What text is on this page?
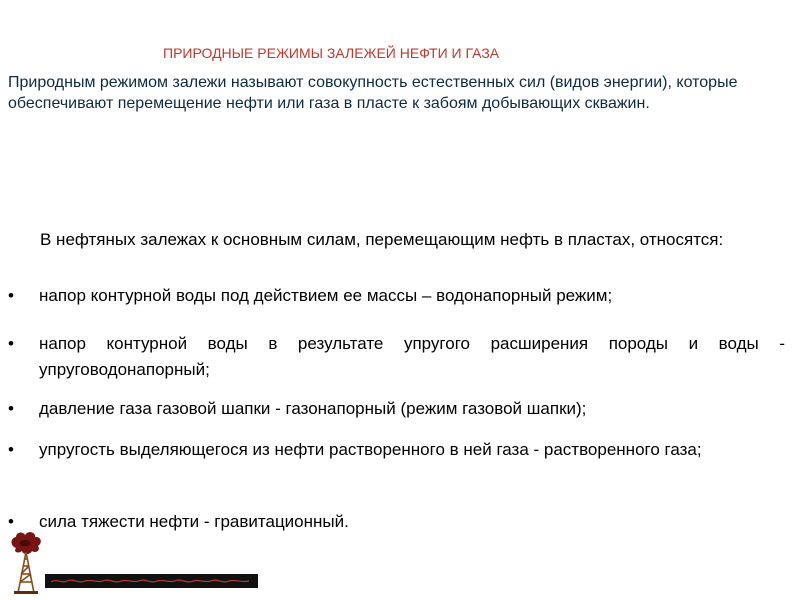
ПРИРОДНЫЕ РЕЖИМЫ ЗАЛЕЖЕЙ НЕФТИ И ГАЗА
Природным режимом залежи называют совокупность естественных сил (видов энергии), которые обеспечивают перемещение нефти или газа в пласте к забоям добывающих скважин.
В нефтяных залежах к основным силам, перемещающим нефть в пластах, относятся:
•	напор контурной воды под действием ее массы – водонапорный режим;
•	напор контурной воды в результате упругого расширения породы и воды - упруговодонапорный;
•	давление газа газовой шапки - газонапорный (режим газовой шапки);
•	упругость выделяющегося из нефти растворенного в ней газа - растворенного газа;
•	сила тяжести нефти - гравитационный.
